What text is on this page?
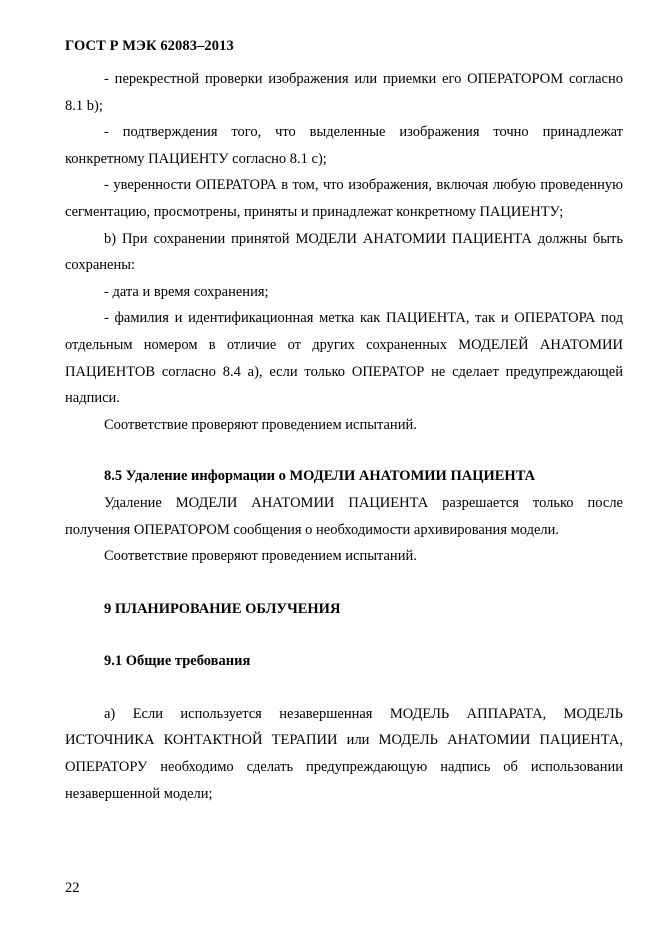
ГОСТ Р МЭК 62083–2013

- перекрестной проверки изображения или приемки его ОПЕРАТОРОМ согласно 8.1 b);

- подтверждения того, что выделенные изображения точно принадлежат конкретному ПАЦИЕНТУ согласно 8.1 с);

- уверенности ОПЕРАТОРА в том, что изображения, включая любую проведенную сегментацию, просмотрены, приняты и принадлежат конкретному ПАЦИЕНТУ;

b) При сохранении принятой МОДЕЛИ АНАТОМИИ ПАЦИЕНТА должны быть сохранены:

- дата и время сохранения;

- фамилия и идентификационная метка как ПАЦИЕНТА, так и ОПЕРАТОРА под отдельным номером в отличие от других сохраненных МОДЕЛЕЙ АНАТОМИИ ПАЦИЕНТОВ согласно 8.4 а), если только ОПЕРАТОР не сделает предупреждающей надписи.

Соответствие проверяют проведением испытаний.

8.5 Удаление информации о МОДЕЛИ АНАТОМИИ ПАЦИЕНТА

Удаление МОДЕЛИ АНАТОМИИ ПАЦИЕНТА разрешается только после получения ОПЕРАТОРОМ сообщения о необходимости архивирования модели.

Соответствие проверяют проведением испытаний.

9 ПЛАНИРОВАНИЕ ОБЛУЧЕНИЯ
9.1 Общие требования

а) Если используется незавершенная МОДЕЛЬ АППАРАТА, МОДЕЛЬ ИСТОЧНИКА КОНТАКТНОЙ ТЕРАПИИ или МОДЕЛЬ АНАТОМИИ ПАЦИЕНТА, ОПЕРАТОРУ необходимо сделать предупреждающую надпись об использовании незавершенной модели;

22
